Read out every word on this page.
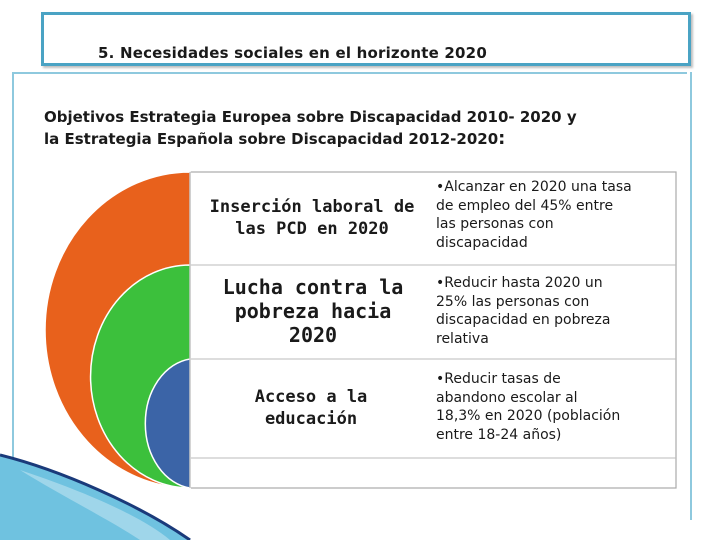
5. Necesidades sociales en el horizonte 2020
Objetivos Estrategia Europea sobre Discapacidad 2010- 2020 y
la Estrategia Española sobre Discapacidad 2012-2020:
Inserción laboral de
las PCD en 2020
•Alcanzar en 2020 una tasa
de empleo del 45% entre
las personas con
discapacidad
Lucha contra la
pobreza hacia
2020
•Reducir hasta 2020 un
25% las personas con
discapacidad en pobreza
relativa
Acceso a la
educación
•Reducir tasas de
abandono escolar al
18,3% en 2020 (población
entre 18-24 años)
